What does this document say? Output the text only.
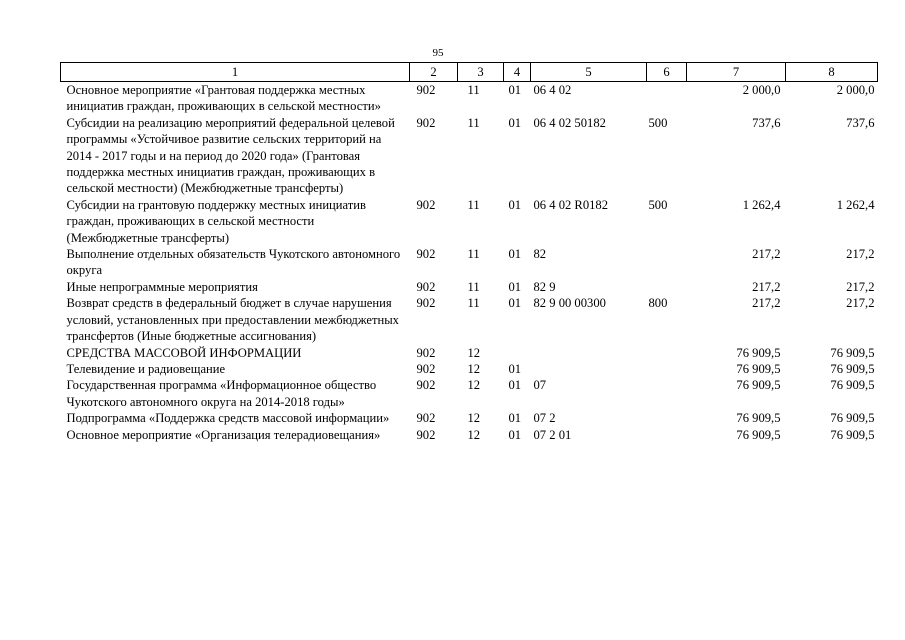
95
1	2	3	4	5	6	7	8
Основное мероприятие «Грантовая поддержка местных инициатив граждан, проживающих в сельской местности»	902	11	01	06 4 02		2 000,0	2 000,0
Субсидии на реализацию мероприятий федеральной целевой программы «Устойчивое развитие сельских территорий на 2014 - 2017 годы и на период до 2020 года» (Грантовая поддержка местных инициатив граждан, проживающих в сельской местности) (Межбюджетные трансферты)	902	11	01	06 4 02 50182	500	737,6	737,6
Субсидии на грантовую поддержку местных инициатив граждан, проживающих в сельской местности (Межбюджетные трансферты)	902	11	01	06 4 02 R0182	500	1 262,4	1 262,4
Выполнение отдельных обязательств Чукотского автономного округа	902	11	01	82		217,2	217,2
Иные непрограммные мероприятия	902	11	01	82 9		217,2	217,2
Возврат средств в федеральный бюджет в случае нарушения условий, установленных при предоставлении межбюджетных трансфертов (Иные бюджетные ассигнования)	902	11	01	82 9 00 00300	800	217,2	217,2
СРЕДСТВА МАССОВОЙ ИНФОРМАЦИИ	902	12				76 909,5	76 909,5
Телевидение и радиовещание	902	12	01			76 909,5	76 909,5
Государственная программа «Информационное общество Чукотского автономного округа на 2014-2018 годы»	902	12	01	07		76 909,5	76 909,5
Подпрограмма «Поддержка средств массовой информации»	902	12	01	07 2		76 909,5	76 909,5
Основное мероприятие «Организация телерадиовещания»	902	12	01	07 2 01		76 909,5	76 909,5
